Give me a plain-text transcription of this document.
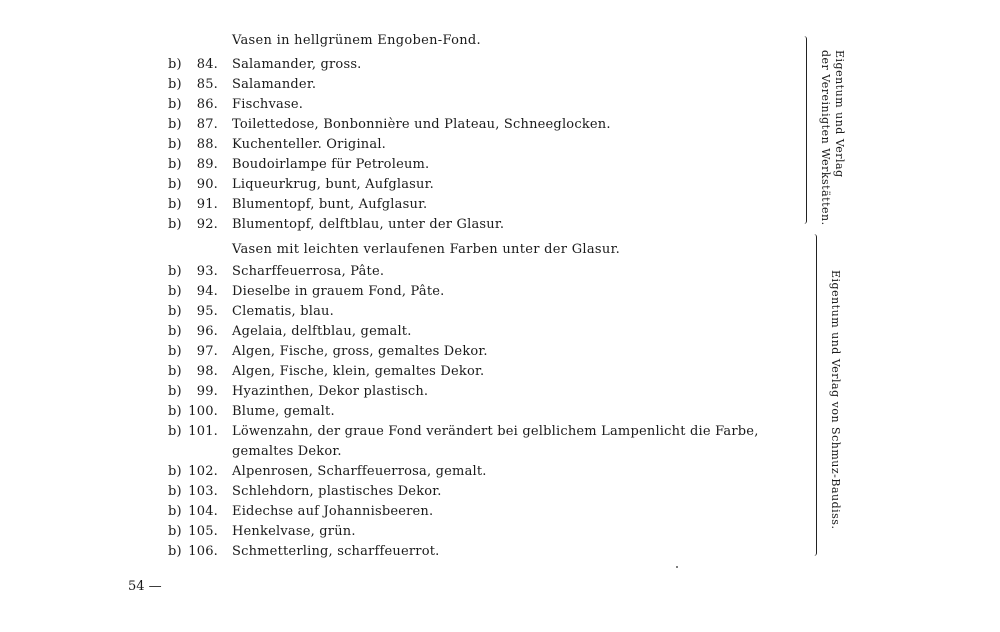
Vasen in hellgrünem Engoben-Fond.
b)	84. Salamander, gross.
b)	85. Salamander.
b)	86. Fischvase.
b)	87. Toilettedose, Bonbonnière und Plateau, Schneeglocken.
b)	88. Kuchenteller. Original.
b)	89. Boudoirlampe für Petroleum.
b)	90. Liqueurkrug, bunt, Aufglasur.
b)	91. Blumentopf, bunt, Aufglasur.
b)	92. Blumentopf, delftblau, unter der Glasur.
Vasen mit leichten verlaufenen Farben unter der Glasur.
b)	93. Scharffeuerrosa, Pâte.
b)	94. Dieselbe in grauem Fond, Pâte.
b)	95. Clematis, blau.
b)	96. Agelaia, delftblau, gemalt.
b)	97. Algen, Fische, gross, gemaltes Dekor.
b)	98. Algen, Fische, klein, gemaltes Dekor.
b)	99. Hyazinthen, Dekor plastisch.
b) 100. Blume, gemalt.
b) 101. Löwenzahn, der graue Fond verändert bei gelblichem Lampenlicht die Farbe,
gemaltes Dekor.
b) 102. Alpenrosen, Scharffeuerrosa, gemalt.
b) 103. Schlehdorn, plastisches Dekor.
b) 104. Eidechse auf Johannisbeeren.
b) 105. Henkelvase, grün.
b) 106. Schmetterling, scharffeuerrot.
Eigentum und Verlag
der Vereinigten Werkstätten.
Eigentum und Verlag von Schmuz-Baudiss.
54 —
